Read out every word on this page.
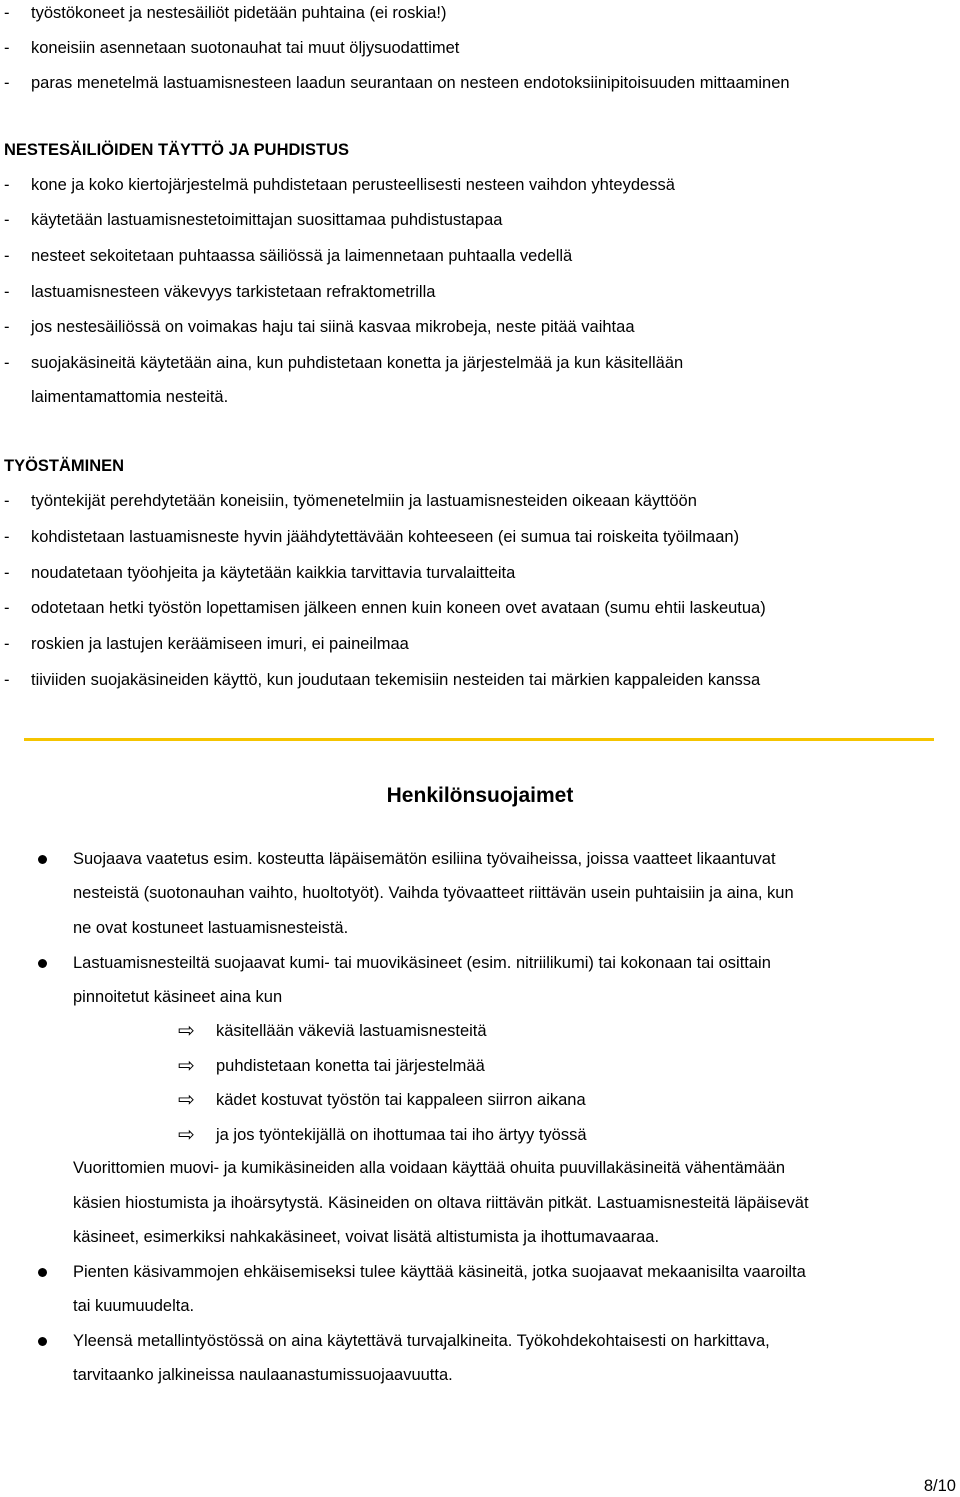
- työstökoneet ja nestesäiliöt pidetään puhtaina (ei roskia!)
- koneisiin asennetaan suotonauhat tai muut öljysuodattimet
- paras menetelmä lastuamisnesteen laadun seurantaan on nesteen endotoksiinipitoisuuden mittaaminen
NESTESÄILIÖIDEN TÄYTTÖ JA PUHDISTUS
- kone ja koko kiertojärjestelmä puhdistetaan perusteellisesti nesteen vaihdon yhteydessä
- käytetään lastuamisnestetoimittajan suosittamaa puhdistustapaa
- nesteet sekoitetaan puhtaassa säiliössä ja laimennetaan puhtaalla vedellä
- lastuamisnesteen väkevyys tarkistetaan refraktometrilla
- jos nestesäiliössä on voimakas haju tai siinä kasvaa mikrobeja, neste pitää vaihtaa
- suojakäsineitä käytetään aina, kun puhdistetaan konetta ja järjestelmää ja kun käsitellään
laimentamattomia nesteitä.
TYÖSTÄMINEN
- työntekijät perehdytetään koneisiin, työmenetelmiin ja lastuamisnesteiden oikeaan käyttöön
- kohdistetaan lastuamisneste hyvin jäähdytettävään kohteeseen (ei sumua tai roiskeita työilmaan)
- noudatetaan työohjeita ja käytetään kaikkia tarvittavia turvalaitteita
- odotetaan hetki työstön lopettamisen jälkeen ennen kuin koneen ovet avataan (sumu ehtii laskeutua)
- roskien ja lastujen keräämiseen imuri, ei paineilmaa
- tiiviiden suojakäsineiden käyttö, kun joudutaan tekemisiin nesteiden tai märkien kappaleiden kanssa
Henkilönsuojaimet
Suojaava vaatetus esim. kosteutta läpäisemätön esiliina työvaiheissa, joissa vaatteet likaantuvat
nesteistä (suotonauhan vaihto, huoltotyöt). Vaihda työvaatteet riittävän usein puhtaisiin ja aina, kun
ne ovat kostuneet lastuamisnesteistä.
Lastuamisnesteiltä suojaavat kumi- tai muovikäsineet (esim. nitriilikumi) tai kokonaan tai osittain
pinnoitetut käsineet aina kun
⇨ käsitellään väkeviä lastuamisnesteitä
⇨ puhdistetaan konetta tai järjestelmää
⇨ kädet kostuvat työstön tai kappaleen siirron aikana
⇨ ja jos työntekijällä on ihottumaa tai iho ärtyy työssä
Vuorittomien muovi- ja kumikäsineiden alla voidaan käyttää ohuita puuvillakäsineitä vähentämään
käsien hiostumista ja ihoärsytystä. Käsineiden on oltava riittävän pitkät. Lastuamisnesteitä läpäisevät
käsineet, esimerkiksi nahkakäsineet, voivat lisätä altistumista ja ihottumavaaraa.
Pienten käsivammojen ehkäisemiseksi tulee käyttää käsineitä, jotka suojaavat mekaanisilta vaaroilta
tai kuumuudelta.
Yleensä metallintyöstössä on aina käytettävä turvajalkineita. Työkohdekohtaisesti on harkittava,
tarvitaanko jalkineissa naulaanastumissuojaavuutta.
8/10
